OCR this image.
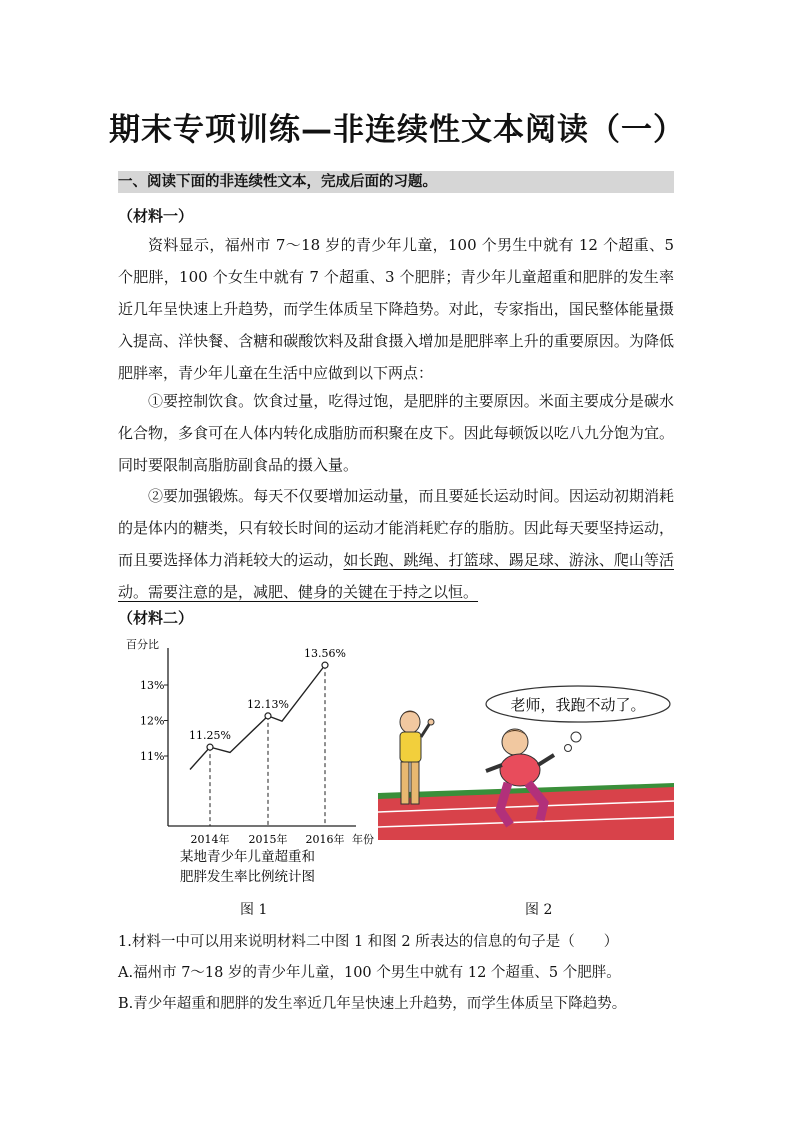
期末专项训练—非连续性文本阅读（一）
一、阅读下面的非连续性文本，完成后面的习题。
（材料一）

资料显示，福州市 7～18 岁的青少年儿童，100 个男生中就有 12 个超重、5 个肥胖，100 个女生中就有 7 个超重、3 个肥胖；青少年儿童超重和肥胖的发生率近几年呈快速上升趋势，而学生体质呈下降趋势。对此，专家指出，国民整体能量摄入提高、洋快餐、含糖和碳酸饮料及甜食摄入增加是肥胖率上升的重要原因。为降低肥胖率，青少年儿童在生活中应做到以下两点：

①要控制饮食。饮食过量，吃得过饱，是肥胖的主要原因。米面主要成分是碳水化合物，多食可在人体内转化成脂肪而积聚在皮下。因此每顿饭以吃八九分饱为宜。同时要限制高脂肪副食品的摄入量。

②要加强锻炼。每天不仅要增加运动量，而且要延长运动时间。因运动初期消耗的是体内的糖类，只有较长时间的运动才能消耗贮存的脂肪。因此每天要坚持运动，而且要选择体力消耗较大的运动，如长跑、跳绳、打篮球、踢足球、游泳、爬山等活动。需要注意的是，减肥、健身的关键在于持之以恒。

（材料二）
百分比
年份
11%
12%
13%
2014年 2015年 2016年
11.25%
12.13%
13.56%
某地青少年儿童超重和
肥胖发生率比例统计图
老师，我跑不动了。
图 1	图 2

1.材料一中可以用来说明材料二中图 1 和图 2 所表达的信息的句子是（　　）

A.福州市 7～18 岁的青少年儿童，100 个男生中就有 12 个超重、5 个肥胖。

B.青少年超重和肥胖的发生率近几年呈快速上升趋势，而学生体质呈下降趋势。
